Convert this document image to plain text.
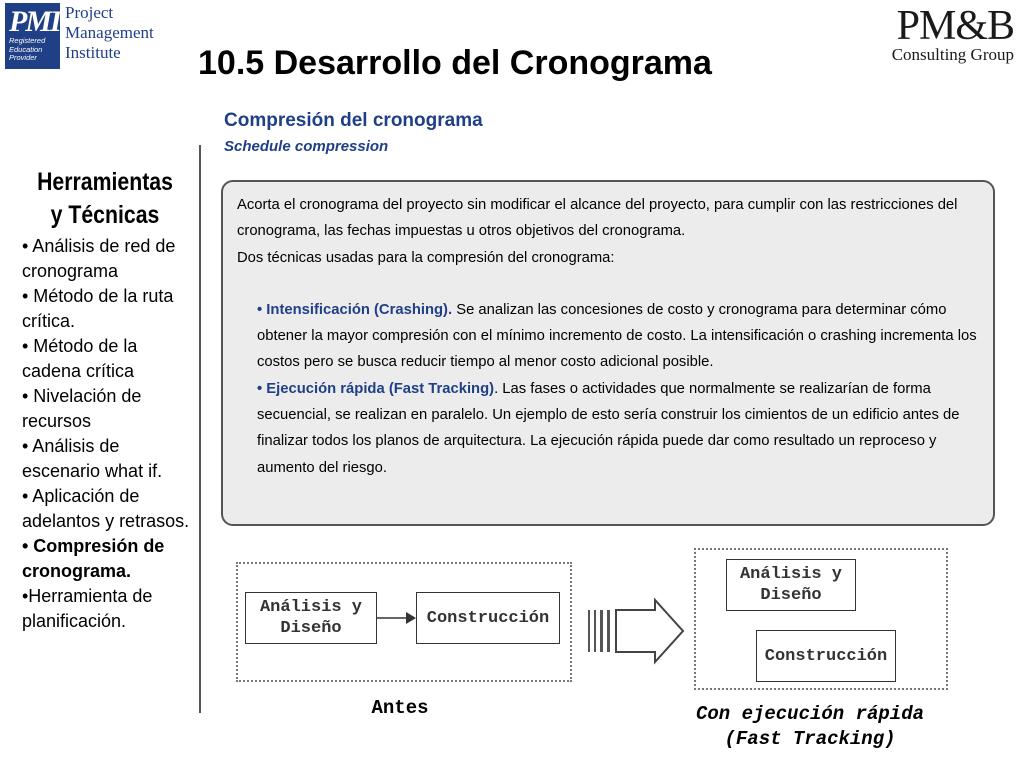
PMI
Registered
Education
Provider
Project
Management
Institute
PM&B
Consulting Group
10.5 Desarrollo del Cronograma
Compresión del cronograma
Schedule compression
Herramientas
y Técnicas
• Análisis de red de cronograma
• Método de la ruta crítica.
• Método de la cadena crítica
• Nivelación de recursos
• Análisis de escenario what if.
• Aplicación de adelantos y retrasos.
• Compresión de cronograma.
•Herramienta de planificación.

Acorta el cronograma del proyecto sin modificar el alcance del proyecto, para cumplir con las restricciones del cronograma, las fechas impuestas u otros objetivos del cronograma.

Dos técnicas usadas para la compresión del cronograma:

• Intensificación (Crashing). Se analizan las concesiones de costo y cronograma para determinar cómo obtener la mayor compresión con el mínimo incremento de costo. La intensificación o crashing incrementa los costos pero se busca reducir tiempo al menor costo adicional posible.

• Ejecución rápida (Fast Tracking). Las fases o actividades que normalmente se realizarían de forma secuencial, se realizan en paralelo. Un ejemplo de esto sería construir los cimientos de un edificio antes de finalizar todos los planos de arquitectura. La ejecución rápida puede dar como resultado un reproceso y aumento del riesgo.

Análisis y Diseño
Construcción
Análisis y Diseño
Construcción
Antes	Con ejecución rápida (Fast Tracking)
